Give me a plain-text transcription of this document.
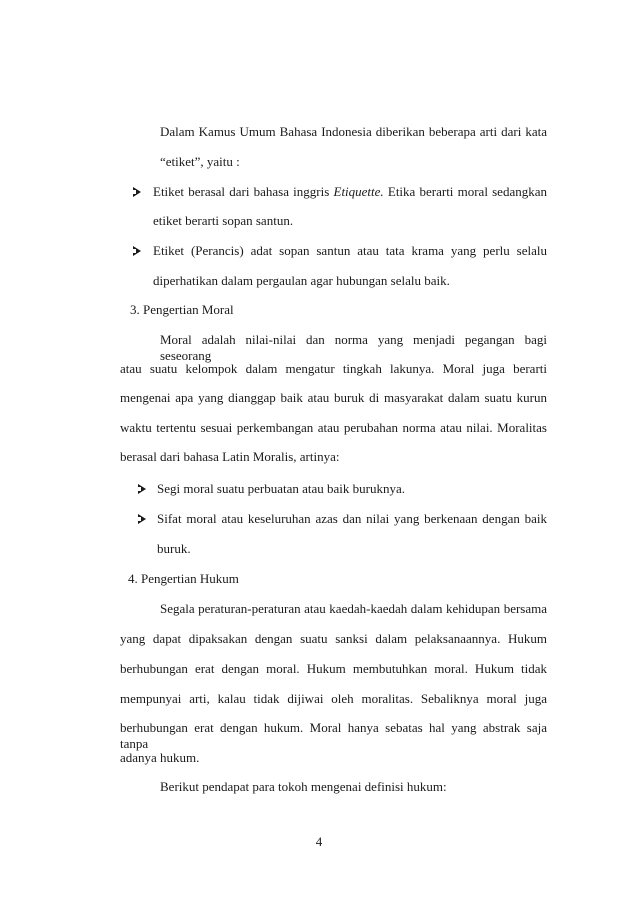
Dalam Kamus Umum Bahasa Indonesia diberikan beberapa arti dari kata
“etiket”, yaitu :
Etiket berasal dari bahasa inggris Etiquette. Etika berarti moral sedangkan
etiket berarti sopan santun.
Etiket (Perancis) adat sopan santun atau tata krama yang perlu selalu
diperhatikan dalam pergaulan agar hubungan selalu baik.
3. Pengertian Moral
Moral adalah nilai-nilai dan norma yang menjadi pegangan bagi seseorang
atau suatu kelompok dalam mengatur tingkah lakunya. Moral juga berarti
mengenai apa yang dianggap baik atau buruk di masyarakat dalam suatu kurun
waktu tertentu sesuai perkembangan atau perubahan norma atau nilai. Moralitas
berasal dari bahasa Latin Moralis, artinya:
Segi moral suatu perbuatan atau baik buruknya.
Sifat moral atau keseluruhan azas dan nilai yang berkenaan dengan baik
buruk.
4. Pengertian Hukum
Segala peraturan-peraturan atau kaedah-kaedah dalam kehidupan bersama
yang dapat dipaksakan dengan suatu sanksi dalam pelaksanaannya. Hukum
berhubungan erat dengan moral. Hukum membutuhkan moral. Hukum tidak
mempunyai arti, kalau tidak dijiwai oleh moralitas. Sebaliknya moral juga
berhubungan erat dengan hukum. Moral hanya sebatas hal yang abstrak saja tanpa
adanya hukum.
Berikut pendapat para tokoh mengenai definisi hukum:
4
